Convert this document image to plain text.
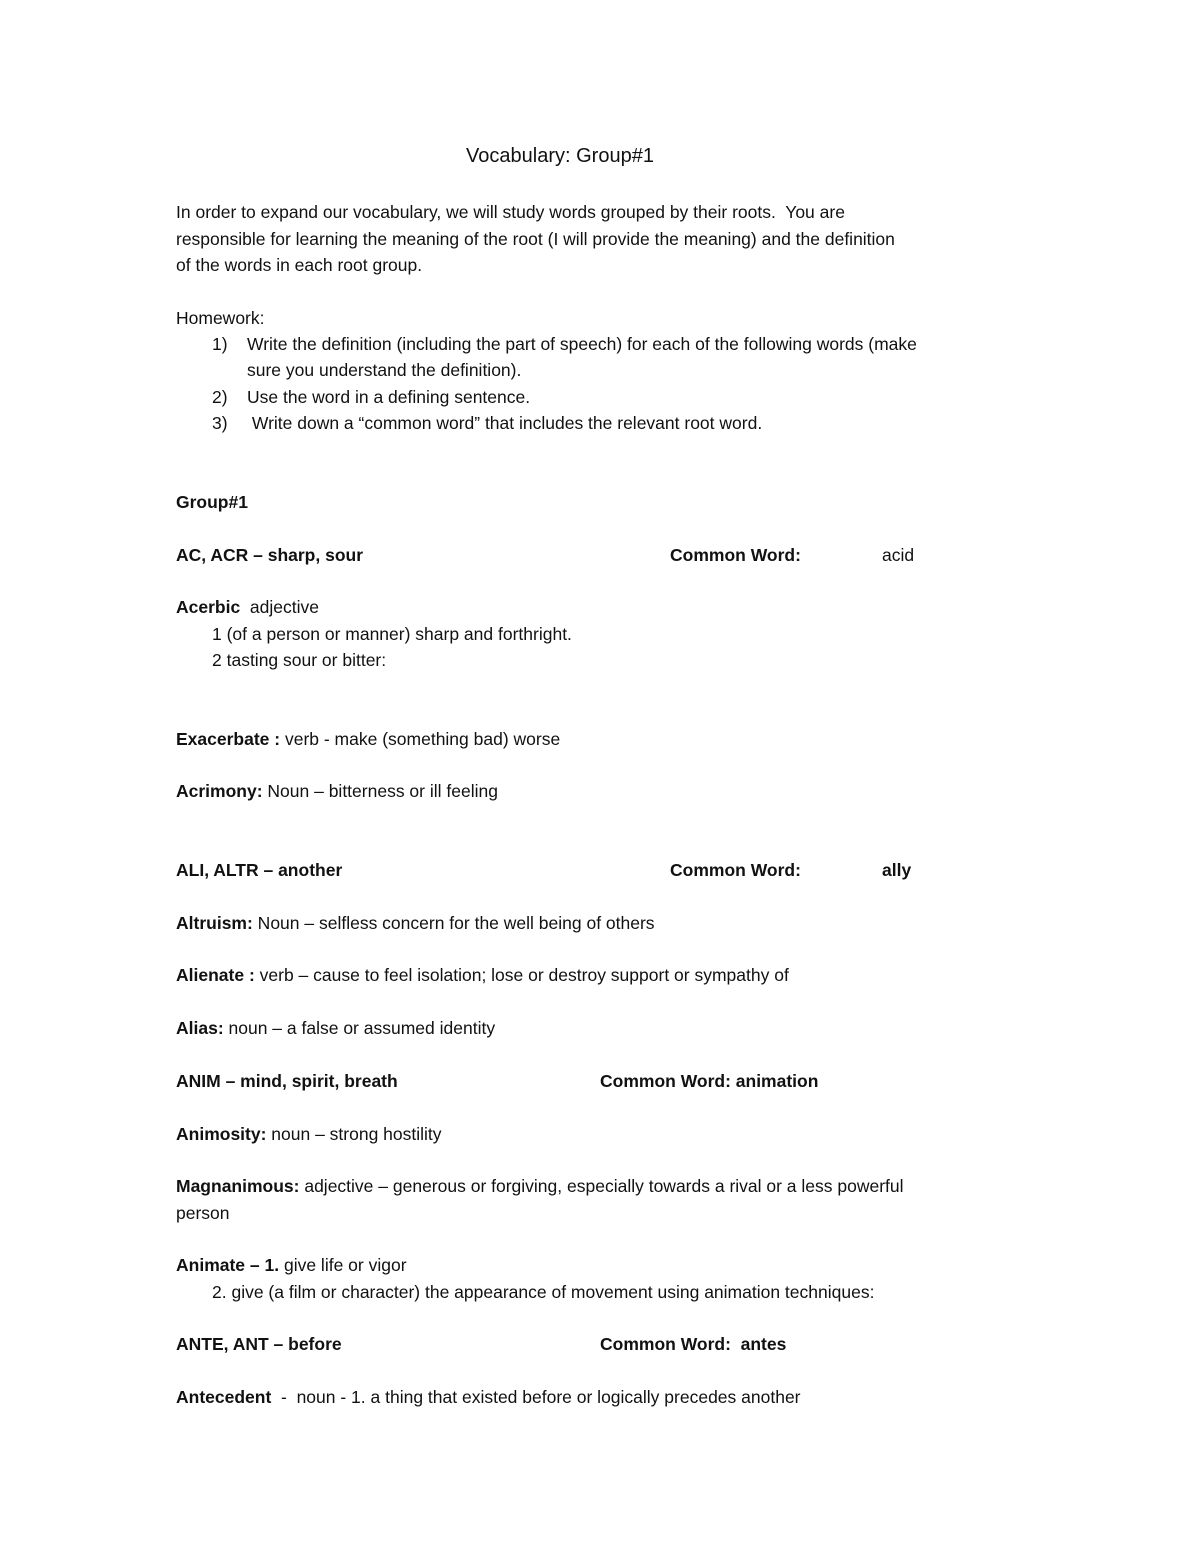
Vocabulary: Group#1
In order to expand our vocabulary, we will study words grouped by their roots.  You are
responsible for learning the meaning of the root (I will provide the meaning) and the definition
of the words in each root group.
Homework:
1) Write the definition (including the part of speech) for each of the following words (make
sure you understand the definition).
2) Use the word in a defining sentence.
3) Write down a “common word” that includes the relevant root word.
Group#1
AC, ACR – sharp, sour	Common Word:	acid
Acerbic  adjective
1 (of a person or manner) sharp and forthright.
2 tasting sour or bitter:
Exacerbate : verb - make (something bad) worse
Acrimony: Noun – bitterness or ill feeling
ALI, ALTR – another	Common Word:	ally
Altruism: Noun – selfless concern for the well being of others
Alienate : verb – cause to feel isolation; lose or destroy support or sympathy of
Alias: noun – a false or assumed identity
ANIM – mind, spirit, breath	Common Word: animation
Animosity: noun – strong hostility
Magnanimous: adjective – generous or forgiving, especially towards a rival or a less powerful
person
Animate – 1. give life or vigor
2. give (a film or character) the appearance of movement using animation techniques:
ANTE, ANT – before	Common Word:  antes
Antecedent  -  noun - 1. a thing that existed before or logically precedes another
